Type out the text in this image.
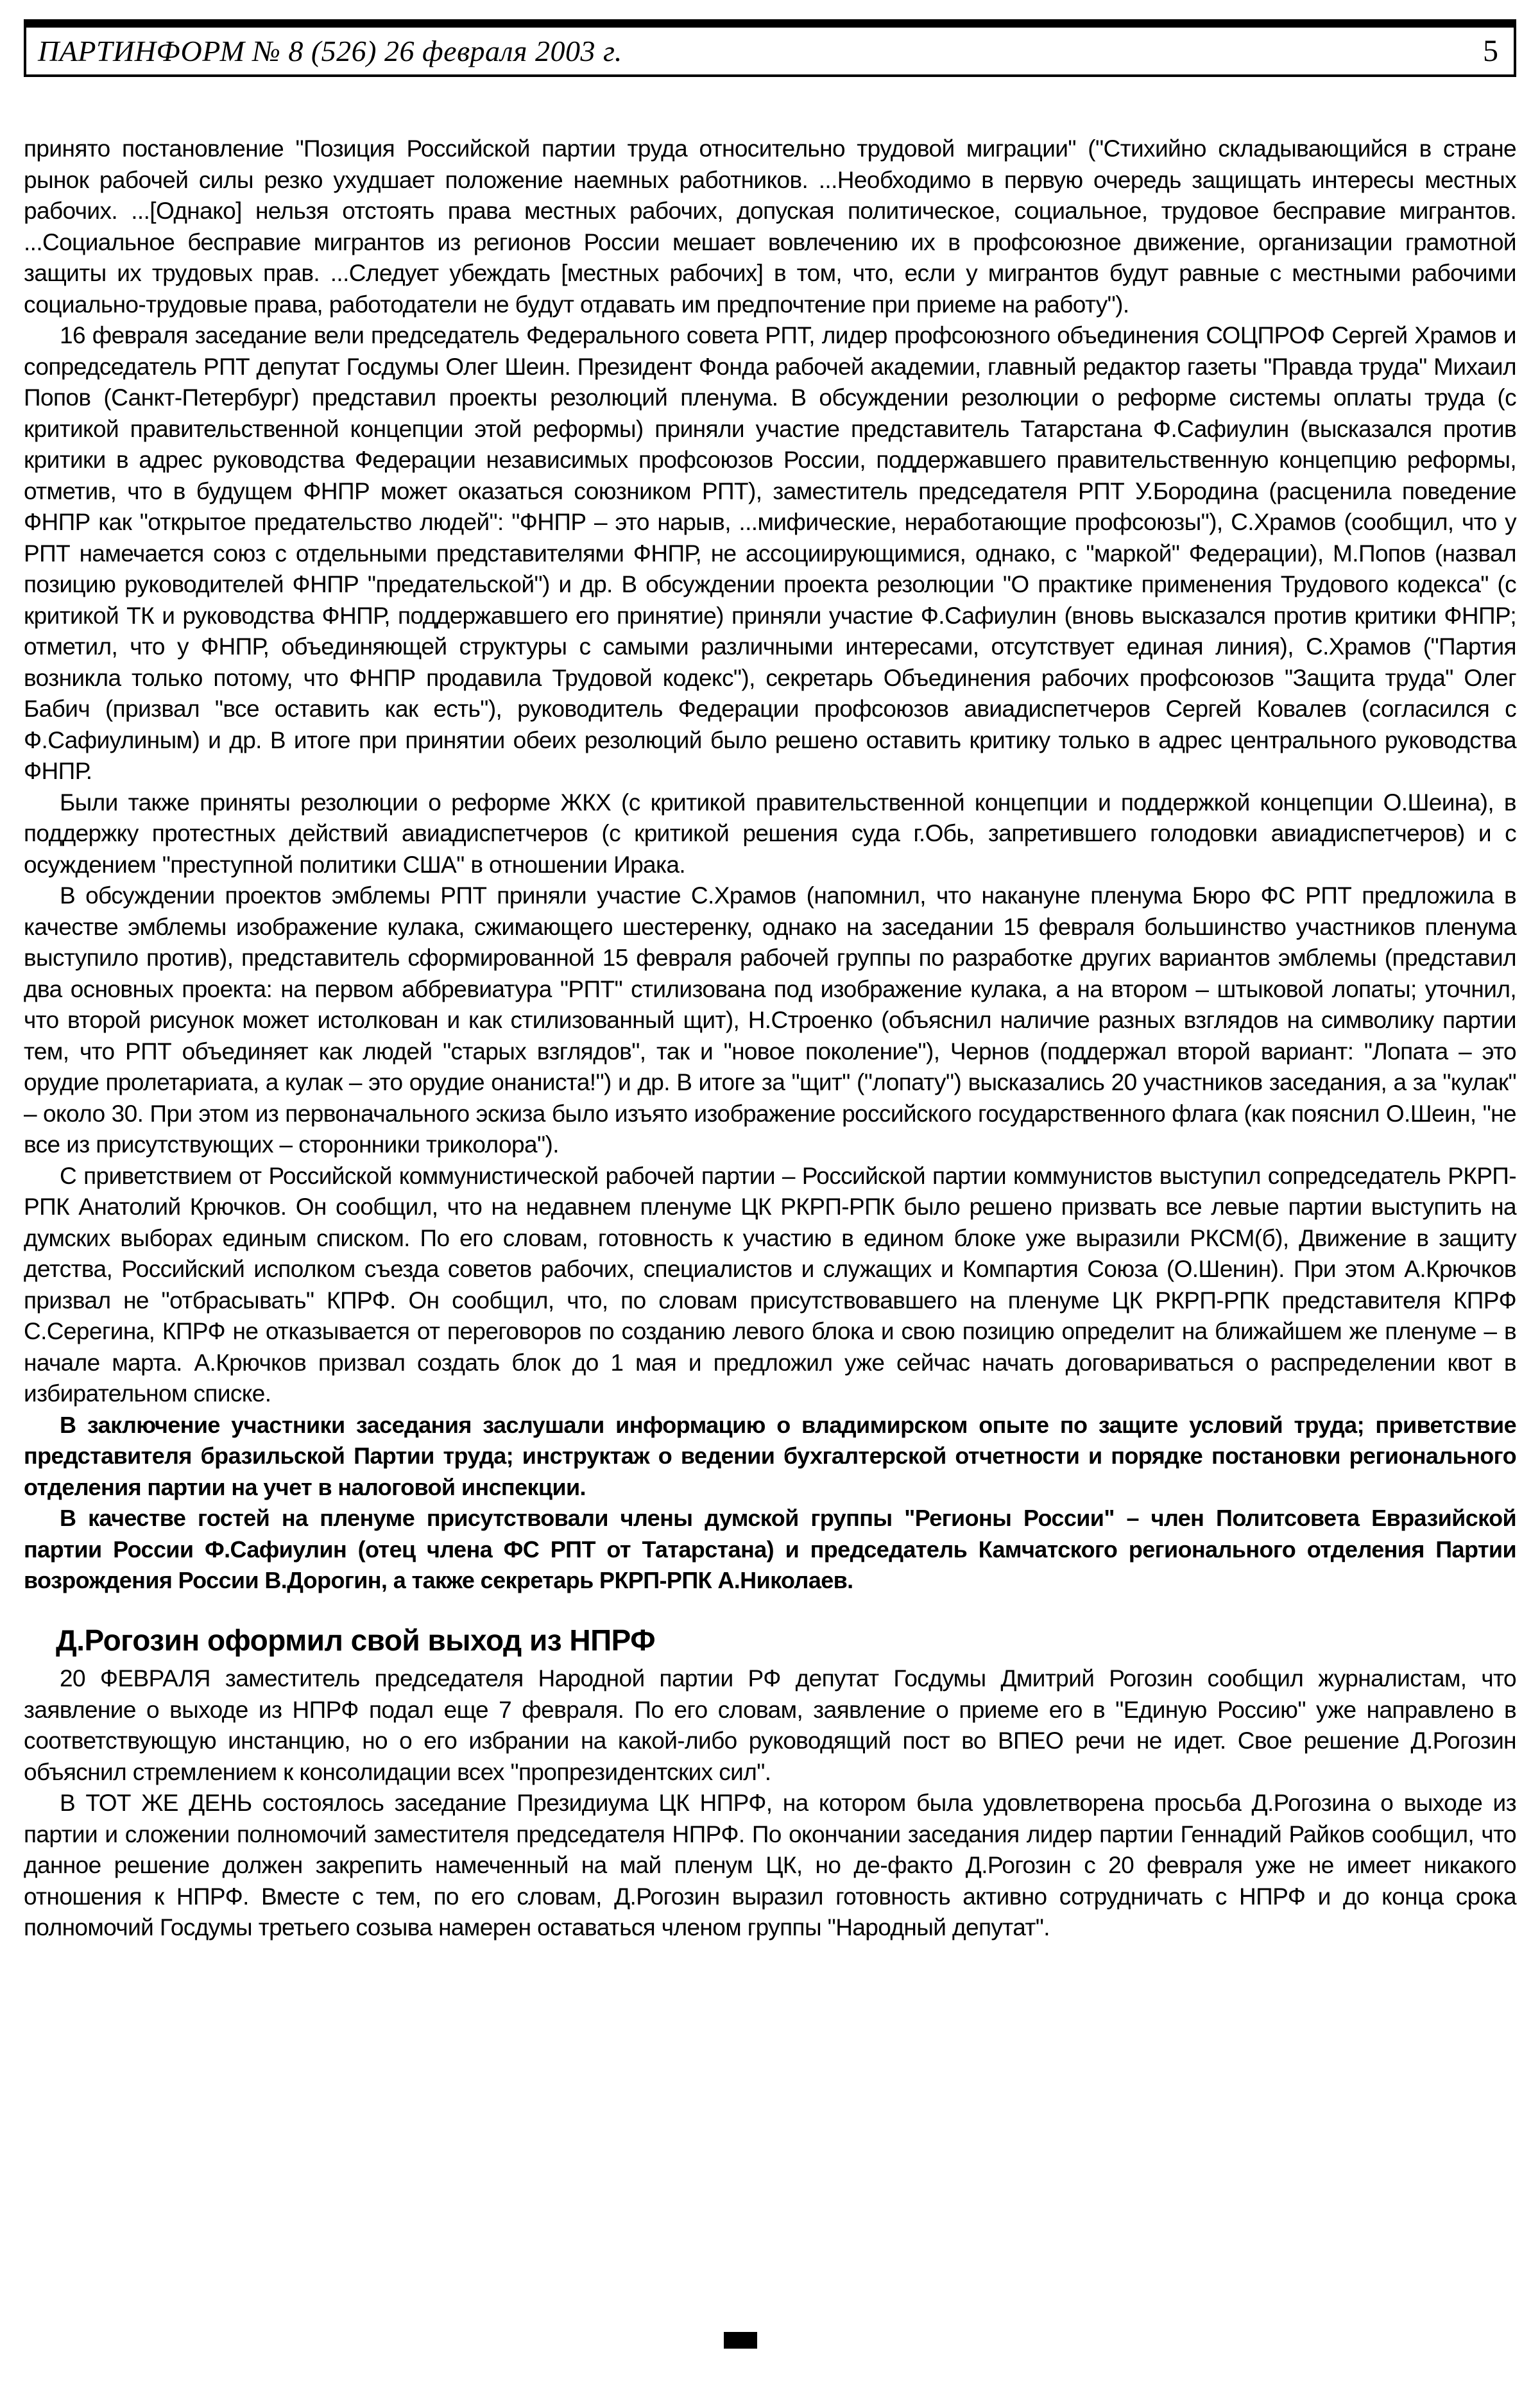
ПАРТИНФОРМ № 8 (526) 26 февраля 2003 г.	5

принято постановление "Позиция Российской партии труда относительно трудовой миграции" ("Стихийно складывающийся в стране рынок рабочей силы резко ухудшает положение наемных работников. ...Необходимо в первую очередь защищать интересы местных рабочих. ...[Однако] нельзя отстоять права местных рабочих, допуская политическое, социальное, трудовое бесправие мигрантов. ...Социальное бесправие мигрантов из регионов России мешает вовлечению их в профсоюзное движение, организации грамотной защиты их трудовых прав. ...Следует убеждать [местных рабочих] в том, что, если у мигрантов будут равные с местными рабочими социально-трудовые права, работодатели не будут отдавать им предпочтение при приеме на работу").

16 февраля заседание вели председатель Федерального совета РПТ, лидер профсоюзного объединения СОЦПРОФ Сергей Храмов и сопредседатель РПТ депутат Госдумы Олег Шеин. Президент Фонда рабочей академии, главный редактор газеты "Правда труда" Михаил Попов (Санкт-Петербург) представил проекты резолюций пленума. В обсуждении резолюции о реформе системы оплаты труда (с критикой правительственной концепции этой реформы) приняли участие представитель Татарстана Ф.Сафиулин (высказался против критики в адрес руководства Федерации независимых профсоюзов России, поддержавшего правительственную концепцию реформы, отметив, что в будущем ФНПР может оказаться союзником РПТ), заместитель председателя РПТ У.Бородина (расценила поведение ФНПР как "открытое предательство людей": "ФНПР – это нарыв, ...мифические, неработающие профсоюзы"), С.Храмов (сообщил, что у РПТ намечается союз с отдельными представителями ФНПР, не ассоциирующимися, однако, с "маркой" Федерации), М.Попов (назвал позицию руководителей ФНПР "предательской") и др. В обсуждении проекта резолюции "О практике применения Трудового кодекса" (с критикой ТК и руководства ФНПР, поддержавшего его принятие) приняли участие Ф.Сафиулин (вновь высказался против критики ФНПР; отметил, что у ФНПР, объединяющей структуры с самыми различными интересами, отсутствует единая линия), С.Храмов ("Партия возникла только потому, что ФНПР продавила Трудовой кодекс"), секретарь Объединения рабочих профсоюзов "Защита труда" Олег Бабич (призвал "все оставить как есть"), руководитель Федерации профсоюзов авиадиспетчеров Сергей Ковалев (согласился с Ф.Сафиулиным) и др. В итоге при принятии обеих резолюций было решено оставить критику только в адрес центрального руководства ФНПР.

Были также приняты резолюции о реформе ЖКХ (с критикой правительственной концепции и поддержкой концепции О.Шеина), в поддержку протестных действий авиадиспетчеров (с критикой решения суда г.Обь, запретившего голодовки авиадиспетчеров) и с осуждением "преступной политики США" в отношении Ирака.

В обсуждении проектов эмблемы РПТ приняли участие С.Храмов (напомнил, что накануне пленума Бюро ФС РПТ предложила в качестве эмблемы изображение кулака, сжимающего шестеренку, однако на заседании 15 февраля большинство участников пленума выступило против), представитель сформированной 15 февраля рабочей группы по разработке других вариантов эмблемы (представил два основных проекта: на первом аббревиатура "РПТ" стилизована под изображение кулака, а на втором – штыковой лопаты; уточнил, что второй рисунок может истолкован и как стилизованный щит), Н.Строенко (объяснил наличие разных взглядов на символику партии тем, что РПТ объединяет как людей "старых взглядов", так и "новое поколение"), Чернов (поддержал второй вариант: "Лопата – это орудие пролетариата, а кулак – это орудие онаниста!") и др. В итоге за "щит" ("лопату") высказались 20 участников заседания, а за "кулак" – около 30. При этом из первоначального эскиза было изъято изображение российского государственного флага (как пояснил О.Шеин, "не все из присутствующих – сторонники триколора").

С приветствием от Российской коммунистической рабочей партии – Российской партии коммунистов выступил сопредседатель РКРП-РПК Анатолий Крючков. Он сообщил, что на недавнем пленуме ЦК РКРП-РПК было решено призвать все левые партии выступить на думских выборах единым списком. По его словам, готовность к участию в едином блоке уже выразили РКСМ(б), Движение в защиту детства, Российский исполком съезда советов рабочих, специалистов и служащих и Компартия Союза (О.Шенин). При этом А.Крючков призвал не "отбрасывать" КПРФ. Он сообщил, что, по словам присутствовавшего на пленуме ЦК РКРП-РПК представителя КПРФ С.Серегина, КПРФ не отказывается от переговоров по созданию левого блока и свою позицию определит на ближайшем же пленуме – в начале марта. А.Крючков призвал создать блок до 1 мая и предложил уже сейчас начать договариваться о распределении квот в избирательном списке.

В заключение участники заседания заслушали информацию о владимирском опыте по защите условий труда; приветствие представителя бразильской Партии труда; инструктаж о ведении бухгалтерской отчетности и порядке постановки регионального отделения партии на учет в налоговой инспекции.

В качестве гостей на пленуме присутствовали члены думской группы "Регионы России" – член Политсовета Евразийской партии России Ф.Сафиулин (отец члена ФС РПТ от Татарстана) и председатель Камчатского регионального отделения Партии возрождения России В.Дорогин, а также секретарь РКРП-РПК А.Николаев.

Д.Рогозин оформил свой выход из НПРФ

20 ФЕВРАЛЯ заместитель председателя Народной партии РФ депутат Госдумы Дмитрий Рогозин сообщил журналистам, что заявление о выходе из НПРФ подал еще 7 февраля. По его словам, заявление о приеме его в "Единую Россию" уже направлено в соответствующую инстанцию, но о его избрании на какой-либо руководящий пост во ВПЕО речи не идет. Свое решение Д.Рогозин объяснил стремлением к консолидации всех "пропрезидентских сил".

В ТОТ ЖЕ ДЕНЬ состоялось заседание Президиума ЦК НПРФ, на котором была удовлетворена просьба Д.Рогозина о выходе из партии и сложении полномочий заместителя председателя НПРФ. По окончании заседания лидер партии Геннадий Райков сообщил, что данное решение должен закрепить намеченный на май пленум ЦК, но де-факто Д.Рогозин с 20 февраля уже не имеет никакого отношения к НПРФ. Вместе с тем, по его словам, Д.Рогозин выразил готовность активно сотрудничать с НПРФ и до конца срока полномочий Госдумы третьего созыва намерен оставаться членом группы "Народный депутат".
